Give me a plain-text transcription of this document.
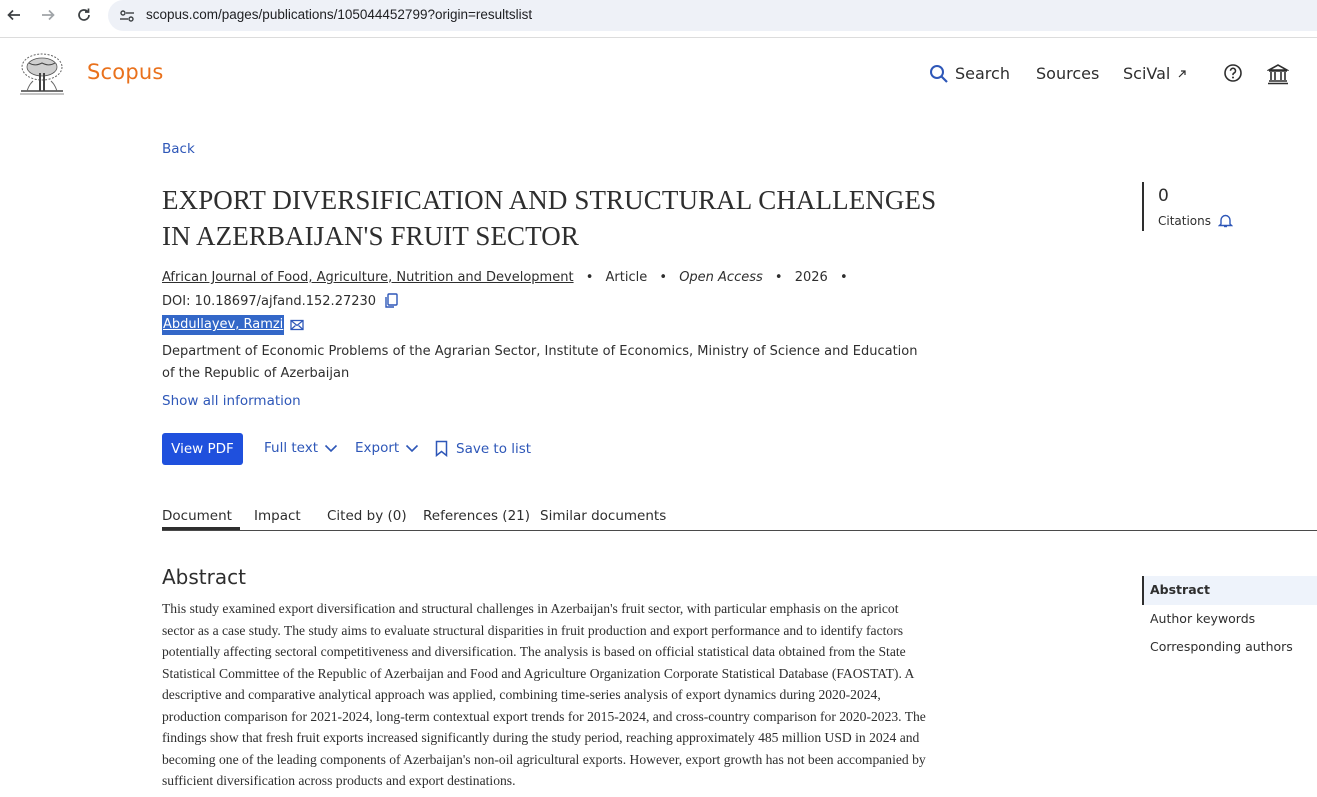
scopus.com/pages/publications/105044452799?origin=resultslist
Scopus	Search Sources SciVal
Back
EXPORT DIVERSIFICATION AND STRUCTURAL CHALLENGES IN AZERBAIJAN'S FRUIT SECTOR
African Journal of Food, Agriculture, Nutrition and Development • Article • Open Access • 2026 •
DOI: 10.18697/ajfand.152.27230
Abdullayev, Ramzi
Department of Economic Problems of the Agrarian Sector, Institute of Economics, Ministry of Science and Education of the Republic of Azerbaijan
Show all information
View PDF	Full text	Export	Save to list
Document Impact Cited by (0) References (21) Similar documents
0
Citations
Abstract

This study examined export diversification and structural challenges in Azerbaijan's fruit sector, with particular emphasis on the apricot sector as a case study. The study aims to evaluate structural disparities in fruit production and export performance and to identify factors potentially affecting sectoral competitiveness and diversification. The analysis is based on official statistical data obtained from the State Statistical Committee of the Republic of Azerbaijan and Food and Agriculture Organization Corporate Statistical Database (FAOSTAT). A descriptive and comparative analytical approach was applied, combining time-series analysis of export dynamics during 2020-2024, production comparison for 2021-2024, long-term contextual export trends for 2015-2024, and cross-country comparison for 2020-2023. The findings show that fresh fruit exports increased significantly during the study period, reaching approximately 485 million USD in 2024 and becoming one of the leading components of Azerbaijan's non-oil agricultural exports. However, export growth has not been accompanied by sufficient diversification across products and export destinations.

Abstract
Author keywords
Corresponding authors
